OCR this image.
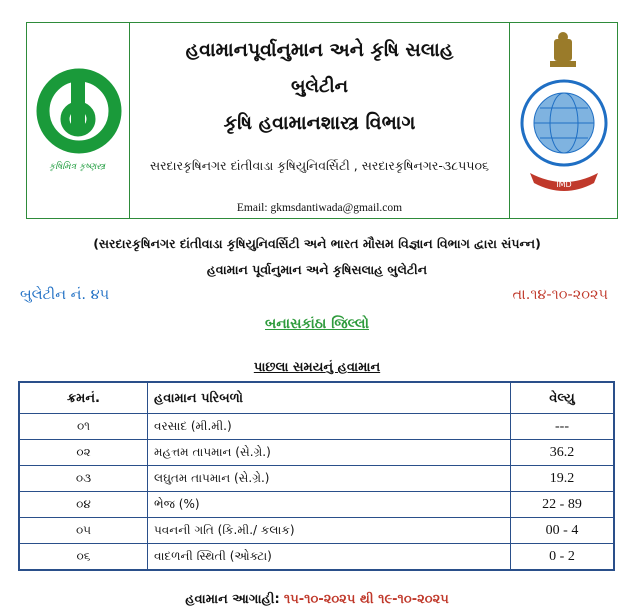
કૃષિમિત્ર કૃષ્ણસ્ત્ર
હવામાનપૂર્વાનુમાન અને કૃષિ સલાહ
બુલેટીન
કૃષિ હવામાનશાસ્ત્ર વિભાગ
સરદારકૃષિનગર દાંતીવાડા કૃષિયુનિવર્સિટી , સરદારકૃષિનગર-૩૮૫૫૦૬
Email: gkmsdantiwada@gmail.com
IMD
(સરદારકૃષિનગર દાંતીવાડા કૃષિયુનિવર્સિટી અને ભારત મૌસમ વિજ્ઞાન વિભાગ દ્વારા સંપન્ન)
હવામાન પૂર્વાનુમાન અને કૃષિસલાહ બુલેટીન
બુલેટીન નં. ૪૫	તા.૧૪-૧૦-૨૦૨૫
બનાસકાંઠા જિલ્લો
પાછલા સમયનું હવામાન
ક્રમનં.	હવામાન પરિબળો	વેલ્યુ
૦૧	વરસાદ (મી.મી.)	---
૦૨	મહત્તમ તાપમાન (સે.ગ્રે.)	36.2
૦૩	લઘુતમ તાપમાન (સે.ગ્રે.)	19.2
૦૪	ભેજ (%)	22 - 89
૦૫	પવનની ગતિ (કિ.મી./ કલાક)	00 - 4
૦૬	વાદળની સ્થિતી (ઓક્ટા)	0 - 2
હવામાન આગાહી: ૧૫-૧૦-૨૦૨૫ થી ૧૯-૧૦-૨૦૨૫
